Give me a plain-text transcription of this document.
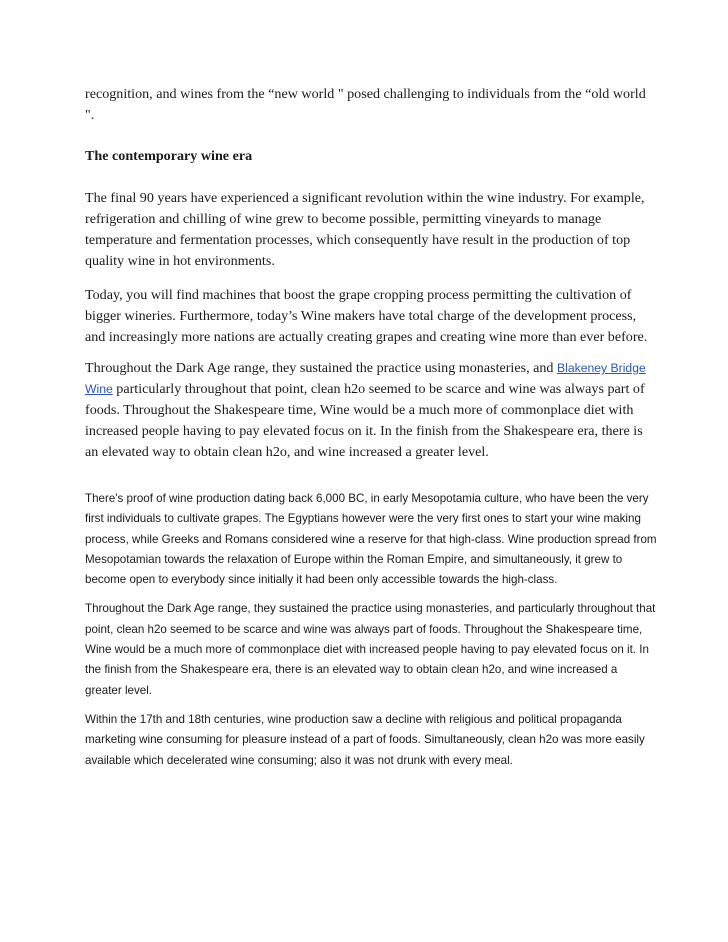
recognition, and wines from the “new world " posed challenging to individuals from the “old world ".

The contemporary wine era

The final 90 years have experienced a significant revolution within the wine industry. For example, refrigeration and chilling of wine grew to become possible, permitting vineyards to manage temperature and fermentation processes, which consequently have result in the production of top quality wine in hot environments.

Today, you will find machines that boost the grape cropping process permitting the cultivation of bigger wineries. Furthermore, today’s Wine makers have total charge of the development process, and increasingly more nations are actually creating grapes and creating wine more than ever before.

Throughout the Dark Age range, they sustained the practice using monasteries, and Blakeney Bridge Wine particularly throughout that point, clean h2o seemed to be scarce and wine was always part of foods. Throughout the Shakespeare time, Wine would be a much more of commonplace diet with increased people having to pay elevated focus on it. In the finish from the Shakespeare era, there is an elevated way to obtain clean h2o, and wine increased a greater level.

There's proof of wine production dating back 6,000 BC, in early Mesopotamia culture, who have been the very first individuals to cultivate grapes. The Egyptians however were the very first ones to start your wine making process, while Greeks and Romans considered wine a reserve for that high-class. Wine production spread from Mesopotamian towards the relaxation of Europe within the Roman Empire, and simultaneously, it grew to become open to everybody since initially it had been only accessible towards the high-class.

Throughout the Dark Age range, they sustained the practice using monasteries, and particularly throughout that point, clean h2o seemed to be scarce and wine was always part of foods. Throughout the Shakespeare time, Wine would be a much more of commonplace diet with increased people having to pay elevated focus on it. In the finish from the Shakespeare era, there is an elevated way to obtain clean h2o, and wine increased a greater level.

Within the 17th and 18th centuries, wine production saw a decline with religious and political propaganda marketing wine consuming for pleasure instead of a part of foods. Simultaneously, clean h2o was more easily available which decelerated wine consuming; also it was not drunk with every meal.
